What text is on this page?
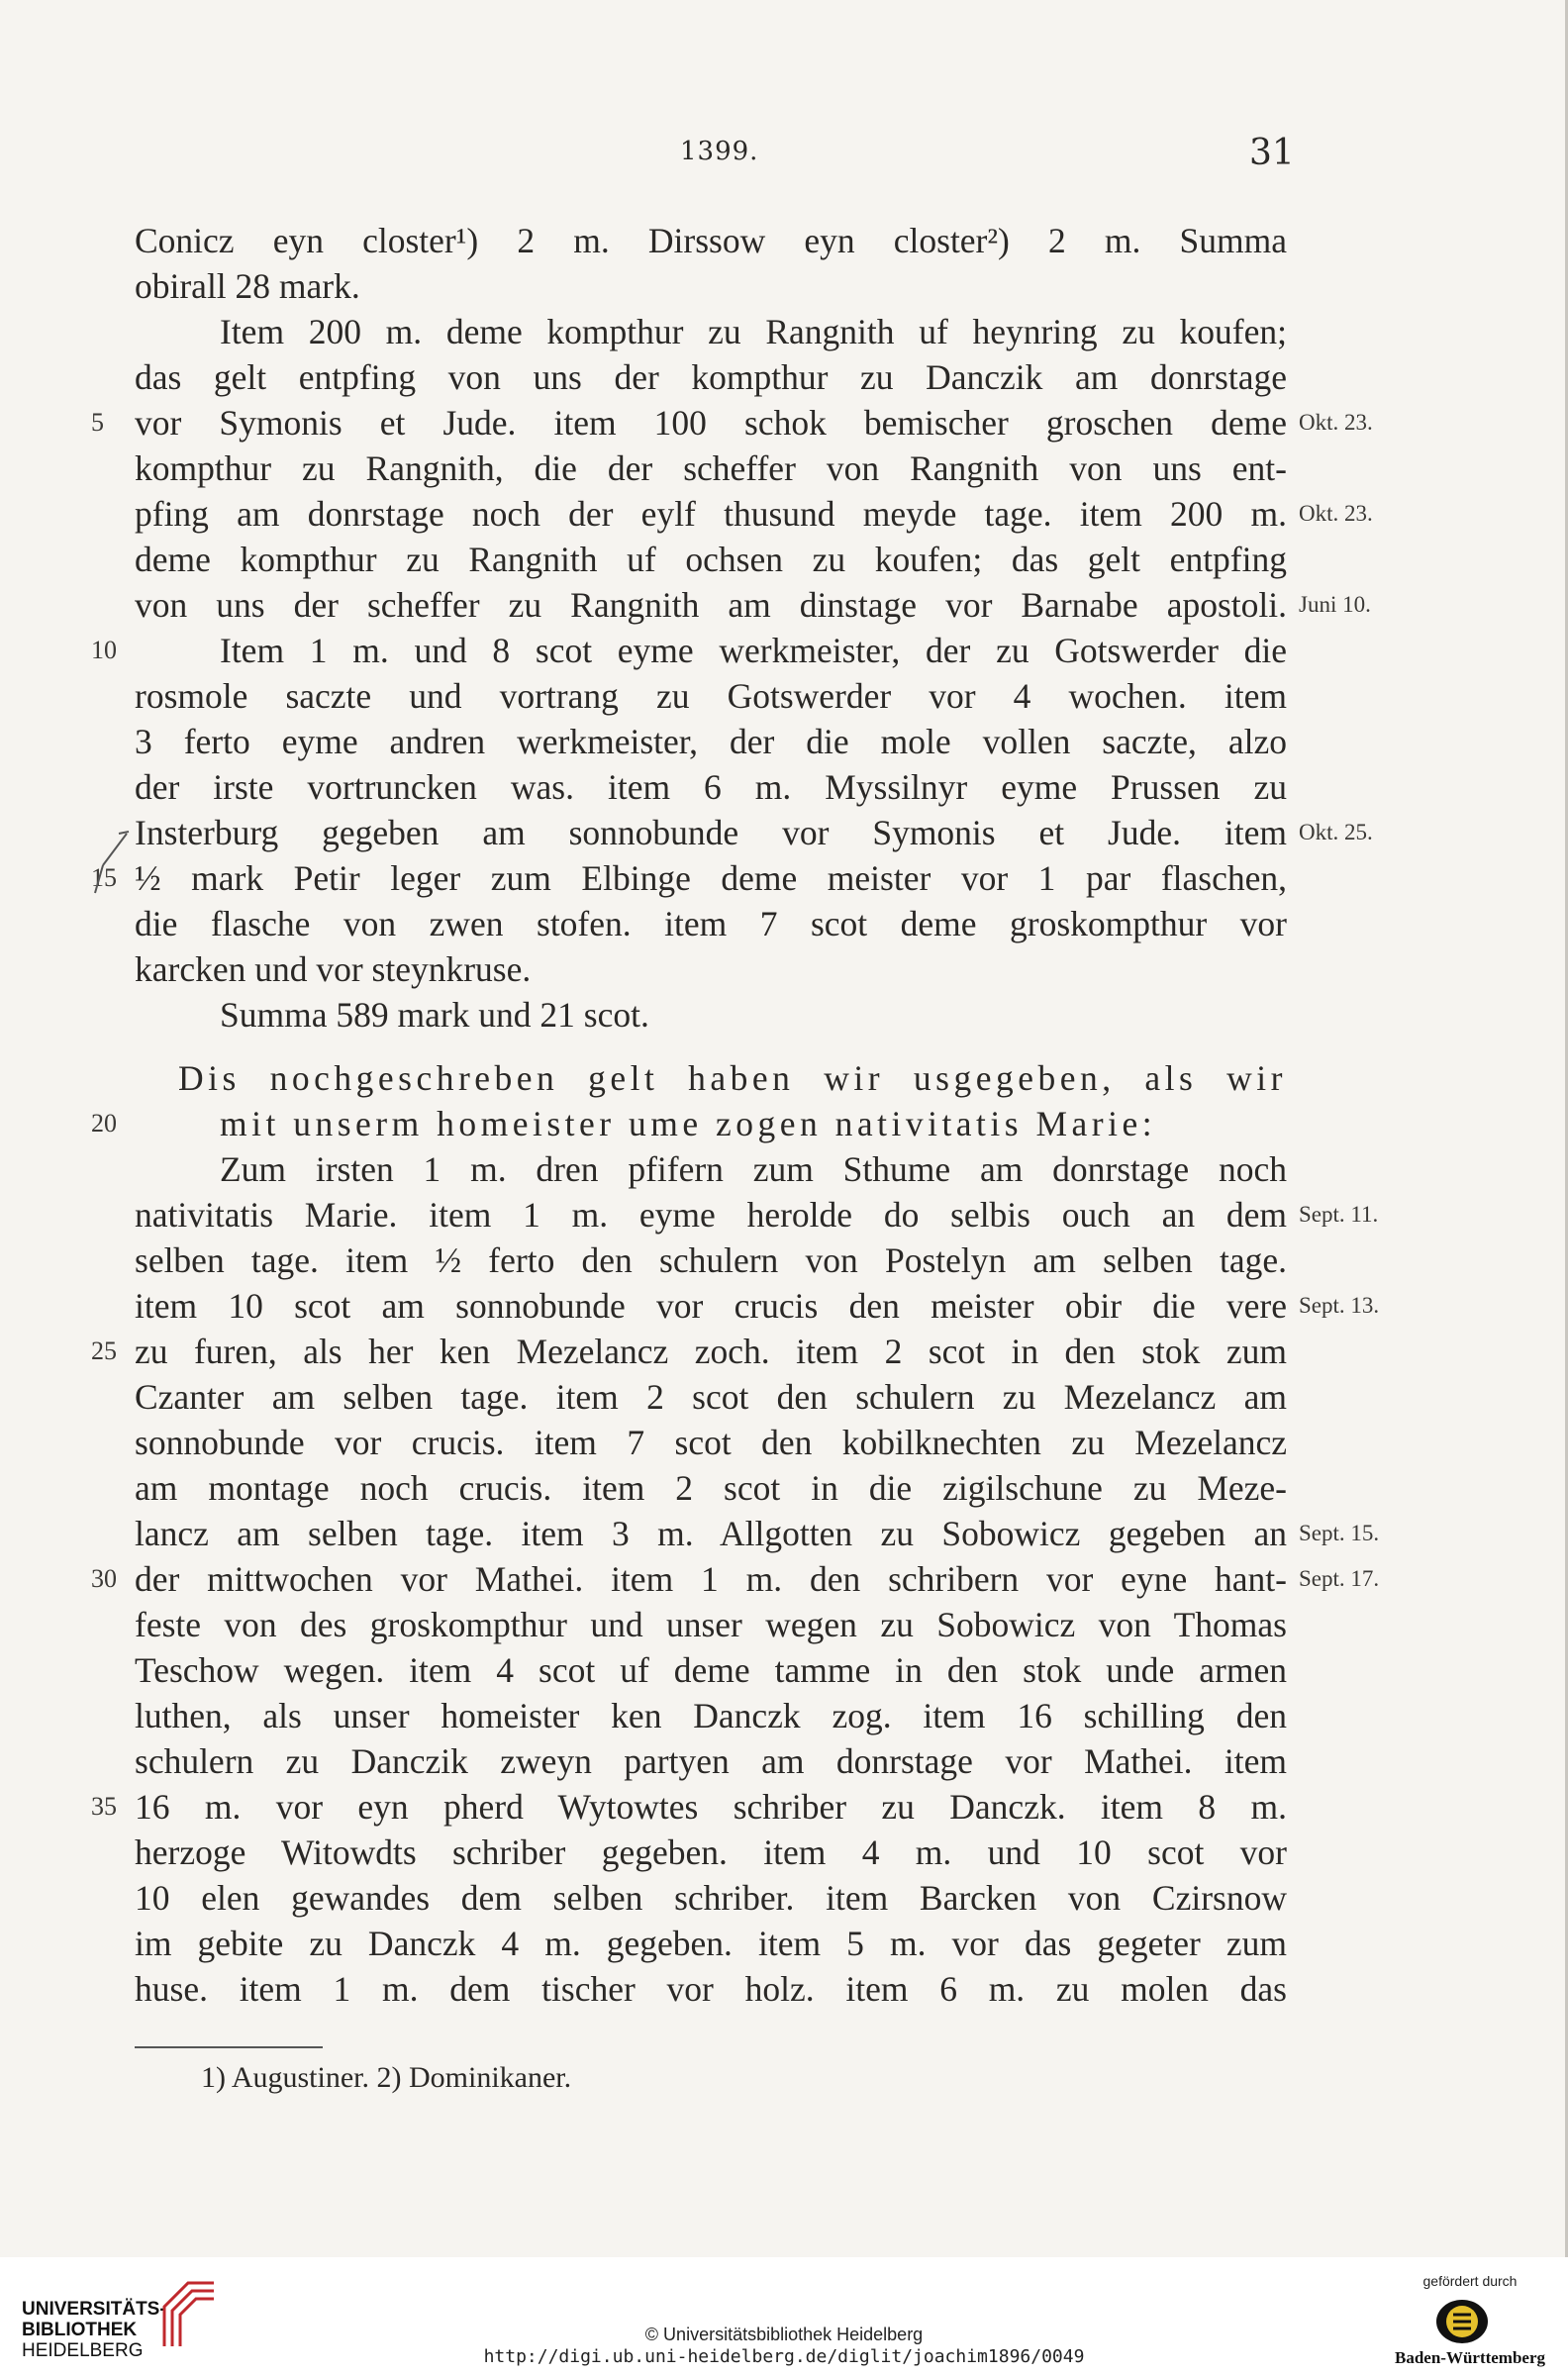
1399.	31
Conicz eyn closter¹) 2 m. Dirssow eyn closter²) 2 m. Summa
obirall 28 mark.
Item 200 m. deme kompthur zu Rangnith uf heynring zu koufen;
das gelt entpfing von uns der kompthur zu Danczik am donrstage
vor Symonis et Jude. item 100 schok bemischer groschen deme
5	Okt. 23.
kompthur zu Rangnith, die der scheffer von Rangnith von uns ent-
pfing am donrstage noch der eylf thusund meyde tage. item 200 m. Okt. 23.
deme kompthur zu Rangnith uf ochsen zu koufen; das gelt entpfing
von uns der scheffer zu Rangnith am dinstage vor Barnabe apostoli. Juni 10.
Item 1 m. und 8 scot eyme werkmeister, der zu Gotswerder die
10
rosmole saczte und vortrang zu Gotswerder vor 4 wochen. item
3 ferto eyme andren werkmeister, der die mole vollen saczte, alzo
der irste vortruncken was. item 6 m. Myssilnyr eyme Prussen zu
Insterburg gegeben am sonnobunde vor Symonis et Jude. item Okt. 25.
½ mark Petir leger zum Elbinge deme meister vor 1 par flaschen,
15
die flasche von zwen stofen. item 7 scot deme groskompthur vor
karcken und vor steynkruse.
Summa 589 mark und 21 scot.
Dis nochgeschreben gelt haben wir usgegeben, als wir
mit unserm homeister ume zogen nativitatis Marie:
20
Zum irsten 1 m. dren pfifern zum Sthume am donrstage noch
nativitatis Marie. item 1 m. eyme herolde do selbis ouch an dem Sept. 11.
selben tage. item ½ ferto den schulern von Postelyn am selben tage.
item 10 scot am sonnobunde vor crucis den meister obir die vere Sept. 13.
zu furen, als her ken Mezelancz zoch. item 2 scot in den stok zum
25
Czanter am selben tage. item 2 scot den schulern zu Mezelancz am
sonnobunde vor crucis. item 7 scot den kobilknechten zu Mezelancz
am montage noch crucis. item 2 scot in die zigilschune zu Meze-
lancz am selben tage. item 3 m. Allgotten zu Sobowicz gegeben an Sept. 15.
der mittwochen vor Mathei. item 1 m. den schribern vor eyne hant-
30	Sept. 17.
feste von des groskompthur und unser wegen zu Sobowicz von Thomas
Teschow wegen. item 4 scot uf deme tamme in den stok unde armen
luthen, als unser homeister ken Danczk zog. item 16 schilling den
schulern zu Danczik zweyn partyen am donrstage vor Mathei. item
16 m. vor eyn pherd Wytowtes schriber zu Danczk. item 8 m.
35
herzoge Witowdts schriber gegeben. item 4 m. und 10 scot vor
10 elen gewandes dem selben schriber. item Barcken von Czirsnow
im gebite zu Danczk 4 m. gegeben. item 5 m. vor das gegeter zum
huse. item 1 m. dem tischer vor holz. item 6 m. zu molen das
1) Augustiner. 2) Dominikaner.
UNIVERSITÄTS-
BIBLIOTHEK
HEIDELBERG
© Universitätsbibliothek Heidelberg
http://digi.ub.uni-heidelberg.de/diglit/joachim1896/0049
gefördert durch
Baden-Württemberg
